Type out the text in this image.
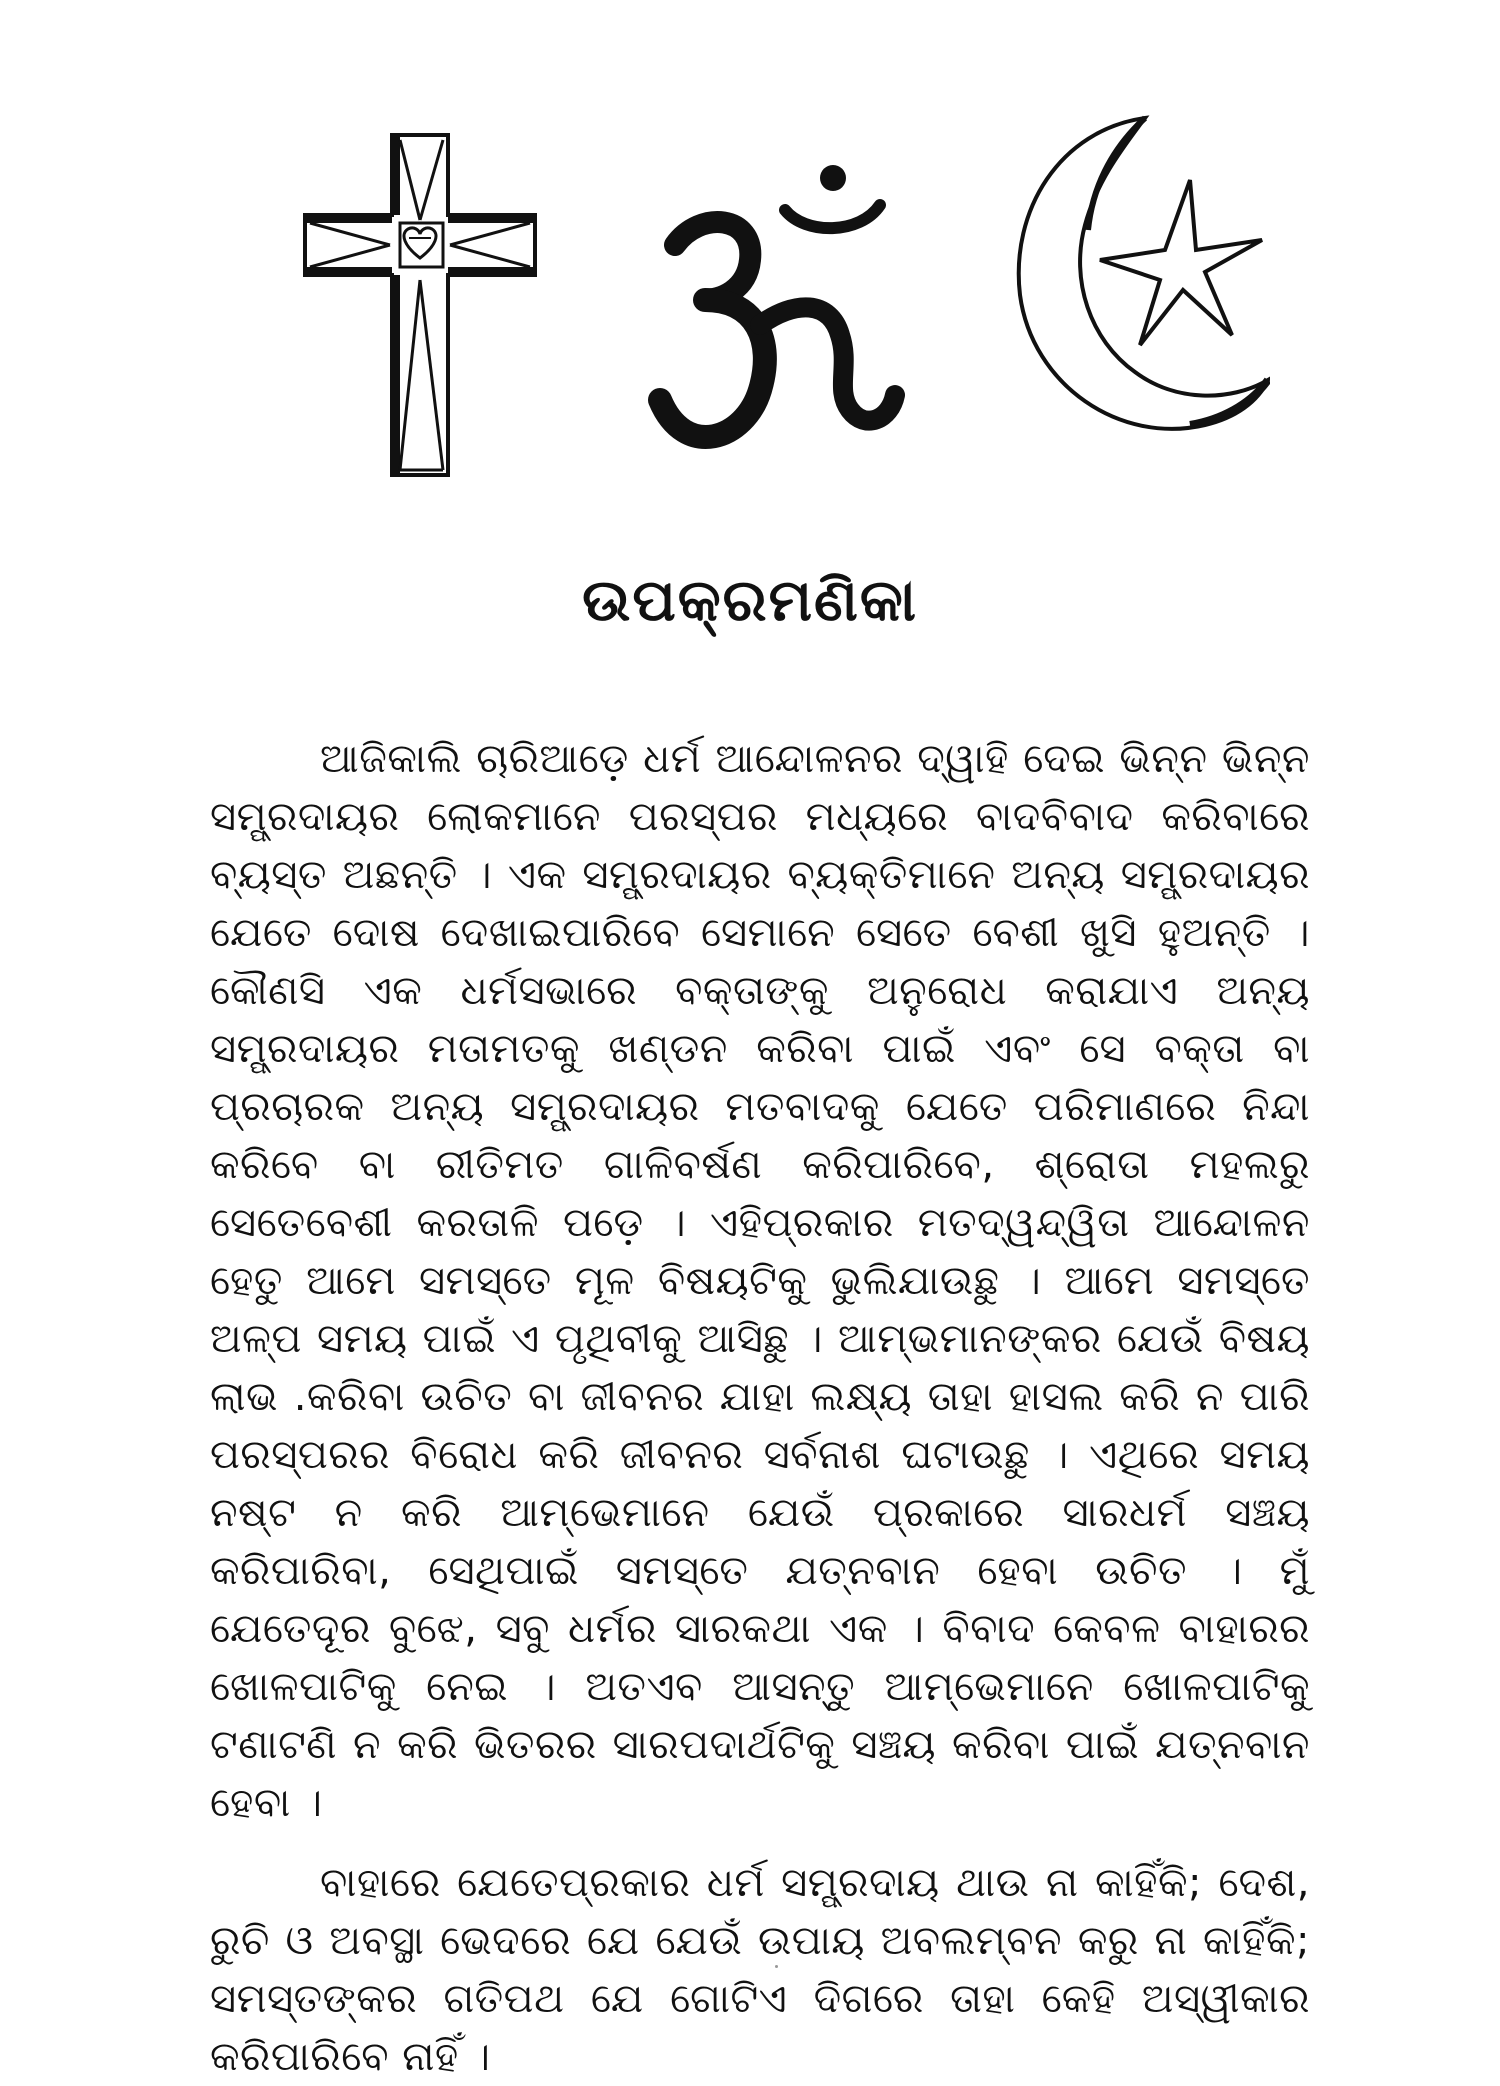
ଉପକ୍ରମଣିକା

ଆଜିକାଲି ଚାରିଆଡ଼େ ଧର୍ମ ଆନ୍ଦୋଳନର ଦ୍ୱାହି ଦେଇ ଭିନ୍ନ ଭିନ୍ନ ସମ୍ପ୍ରଦାୟର ଲୋକମାନେ ପରସ୍ପର ମଧ୍ୟରେ ବାଦବିବାଦ କରିବାରେ ବ୍ୟସ୍ତ ଅଛନ୍ତି । ଏକ ସମ୍ପ୍ରଦାୟର ବ୍ୟକ୍ତିମାନେ ଅନ୍ୟ ସମ୍ପ୍ରଦାୟର ଯେତେ ଦୋଷ ଦେଖାଇପାରିବେ ସେମାନେ ସେତେ ବେଶୀ ଖୁସି ହୁଅନ୍ତି । କୌଣସି ଏକ ଧର୍ମସଭାରେ ବକ୍ତାଙ୍କୁ ଅନୁରୋଧ କରାଯାଏ ଅନ୍ୟ ସମ୍ପ୍ରଦାୟର ମତାମତକୁ ଖଣ୍ଡନ କରିବା ପାଇଁ ଏବଂ ସେ ବକ୍ତା ବା ପ୍ରଚାରକ ଅନ୍ୟ ସମ୍ପ୍ରଦାୟର ମତବାଦକୁ ଯେତେ ପରିମାଣରେ ନିନ୍ଦା କରିବେ ବା ରୀତିମତ ଗାଳିବର୍ଷଣ କରିପାରିବେ, ଶ୍ରୋତା ମହଲରୁ ସେତେବେଶୀ କରତାଳି ପଡ଼େ । ଏହିପ୍ରକାର ମତଦ୍ୱନ୍ଦ୍ୱିତା ଆନ୍ଦୋଳନ ହେତୁ ଆମେ ସମସ୍ତେ ମୂଳ ବିଷୟଟିକୁ ଭୁଲିଯାଉଛୁ । ଆମେ ସମସ୍ତେ ଅଳ୍ପ ସମୟ ପାଇଁ ଏ ପୃଥିବୀକୁ ଆସିଛୁ । ଆମ୍ଭମାନଙ୍କର ଯେଉଁ ବିଷୟ ଲାଭ .କରିବା ଉଚିତ ବା ଜୀବନର ଯାହା ଲକ୍ଷ୍ୟ ତାହା ହାସଲ କରି ନ ପାରି ପରସ୍ପରର ବିରୋଧ କରି ଜୀବନର ସର୍ବନାଶ ଘଟାଉଛୁ । ଏଥିରେ ସମୟ ନଷ୍ଟ ନ କରି ଆମ୍ଭେମାନେ ଯେଉଁ ପ୍ରକାରେ ସାରଧର୍ମ ସଞ୍ଚୟ କରିପାରିବା, ସେଥିପାଇଁ ସମସ୍ତେ ଯତ୍ନବାନ ହେବା ଉଚିତ । ମୁଁ ଯେତେଦୂର ବୁଝେ, ସବୁ ଧର୍ମର ସାରକଥା ଏକ । ବିବାଦ କେବଳ ବାହାରର ଖୋଳପାଟିକୁ ନେଇ । ଅତଏବ ଆସନ୍ତୁ ଆମ୍ଭେମାନେ ଖୋଳପାଟିକୁ ଟଣାଟଣି ନ କରି ଭିତରର ସାରପଦାର୍ଥଟିକୁ ସଞ୍ଚୟ କରିବା ପାଇଁ ଯତ୍ନବାନ ହେବା ।

ବାହାରେ ଯେତେପ୍ରକାର ଧର୍ମ ସମ୍ପ୍ରଦାୟ ଥାଉ ନା କାହିଁକି; ଦେଶ, ରୁଚି ଓ ଅବସ୍ଥା ଭେଦରେ ଯେ ଯେଉଁ ଉପାୟ ଅବଲମ୍ବନ କରୁ ନା କାହିଁକି; ସମସ୍ତଙ୍କର ଗତିପଥ ଯେ ଗୋଟିଏ ଦିଗରେ ତାହା କେହି ଅସ୍ୱୀକାର କରିପାରିବେ ନାହିଁ ।
